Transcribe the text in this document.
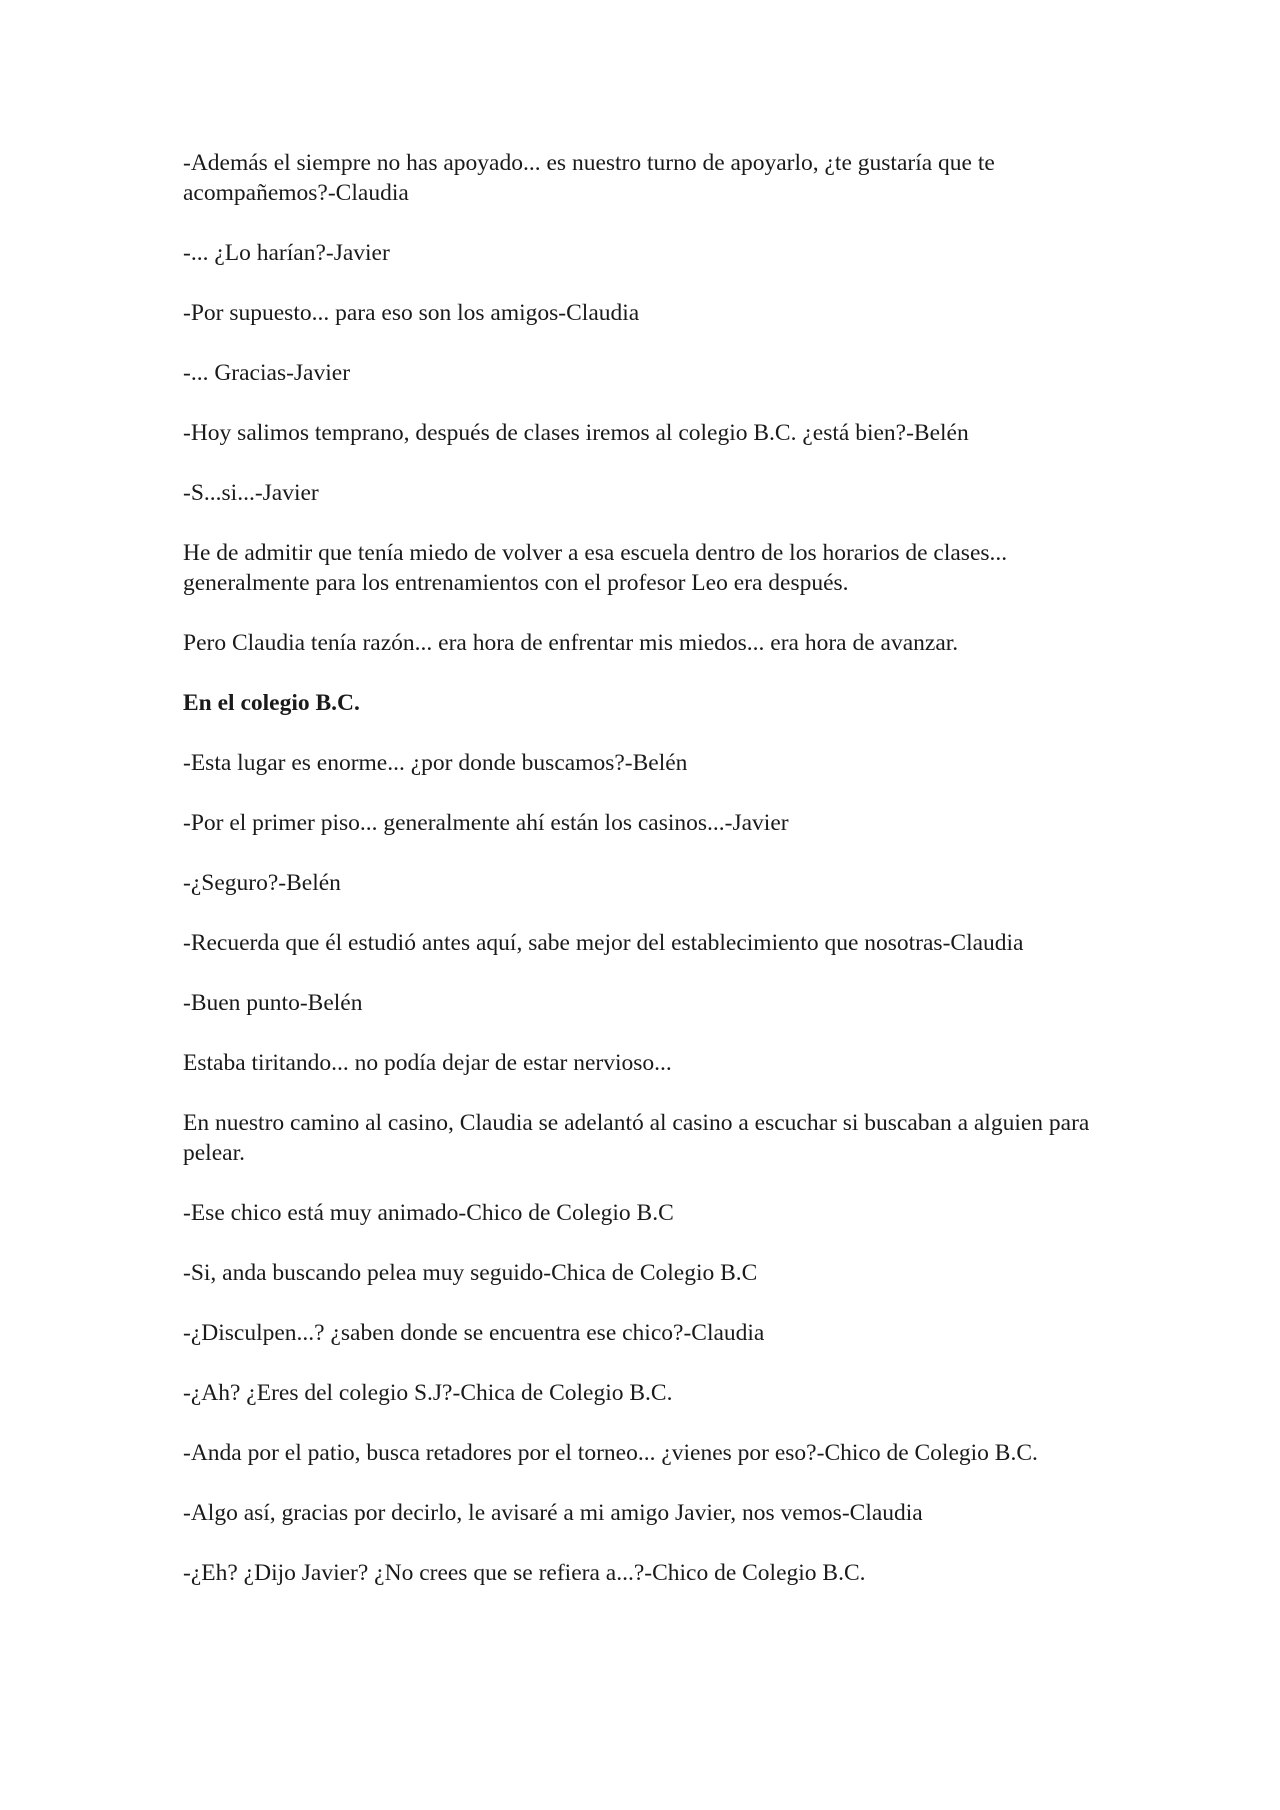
-Además el siempre no has apoyado... es nuestro turno de apoyarlo, ¿te gustaría que te acompañemos?-Claudia

-... ¿Lo harían?-Javier

-Por supuesto... para eso son los amigos-Claudia

-... Gracias-Javier

-Hoy salimos temprano, después de clases iremos al colegio B.C. ¿está bien?-Belén

-S...si...-Javier

He de admitir que tenía miedo de volver a esa escuela dentro de los horarios de clases... generalmente para los entrenamientos con el profesor Leo era después.

Pero Claudia tenía razón... era hora de enfrentar mis miedos... era hora de avanzar.

En el colegio B.C.

-Esta lugar es enorme... ¿por donde buscamos?-Belén

-Por el primer piso... generalmente ahí están los casinos...-Javier

-¿Seguro?-Belén

-Recuerda que él estudió antes aquí, sabe mejor del establecimiento que nosotras-Claudia

-Buen punto-Belén

Estaba tiritando... no podía dejar de estar nervioso...

En nuestro camino al casino, Claudia se adelantó al casino a escuchar si buscaban a alguien para pelear.

-Ese chico está muy animado-Chico de Colegio B.C

-Si, anda buscando pelea muy seguido-Chica de Colegio B.C

-¿Disculpen...? ¿saben donde se encuentra ese chico?-Claudia

-¿Ah? ¿Eres del colegio S.J?-Chica de Colegio B.C.

-Anda por el patio, busca retadores por el torneo... ¿vienes por eso?-Chico de Colegio B.C.

-Algo así, gracias por decirlo, le avisaré a mi amigo Javier, nos vemos-Claudia

-¿Eh? ¿Dijo Javier? ¿No crees que se refiera a...?-Chico de Colegio B.C.
